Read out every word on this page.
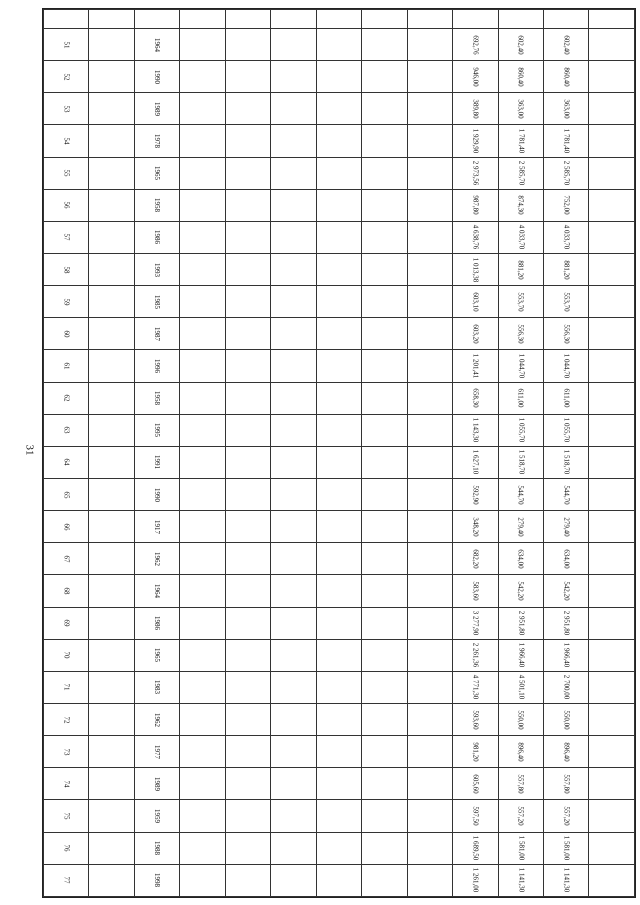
31

51		1964							692,76	602,40	602,40	
52		1990							946,00	860,40	860,40	
53		1989							389,80	363,00	363,00	
54		1978							1 929,90	1 781,40	1 781,40	
55		1965							2 973,56	2 585,70	2 585,70	
56		1958							987,80	874,30	752,00	
57		1986							4 638,76	4 033,70	4 033,70	
58		1993							1 013,38	881,20	881,20	
59		1985							603,10	553,70	553,70	
60		1987							603,20	556,30	556,30	
61		1996							1 201,41	1 044,70	1 044,70	
62		1958							658,30	611,00	611,00	
63		1995							1 143,30	1 055,70	1 055,70	
64		1991							1 627,10	1 518,70	1 518,70	
65		1990							592,90	544,70	544,70	
66		1917							348,20	279,40	279,40	
67		1962							682,20	634,00	634,00	
68		1964							583,60	542,20	542,20	
69		1986							3 277,90	2 951,80	2 951,80	
70		1965							2 261,36	1 966,40	1 966,40	
71		1983							4 771,30	4 501,10	2 700,00	
72		1962							593,60	550,00	550,00	
73		1977							981,20	896,40	896,40	
74		1989							605,60	557,80	557,80	
75		1959							597,50	557,20	557,20	
76		1988							1 689,50	1 581,00	1 581,00	
77		1998							1 261,00	1 141,30	1 141,30	
